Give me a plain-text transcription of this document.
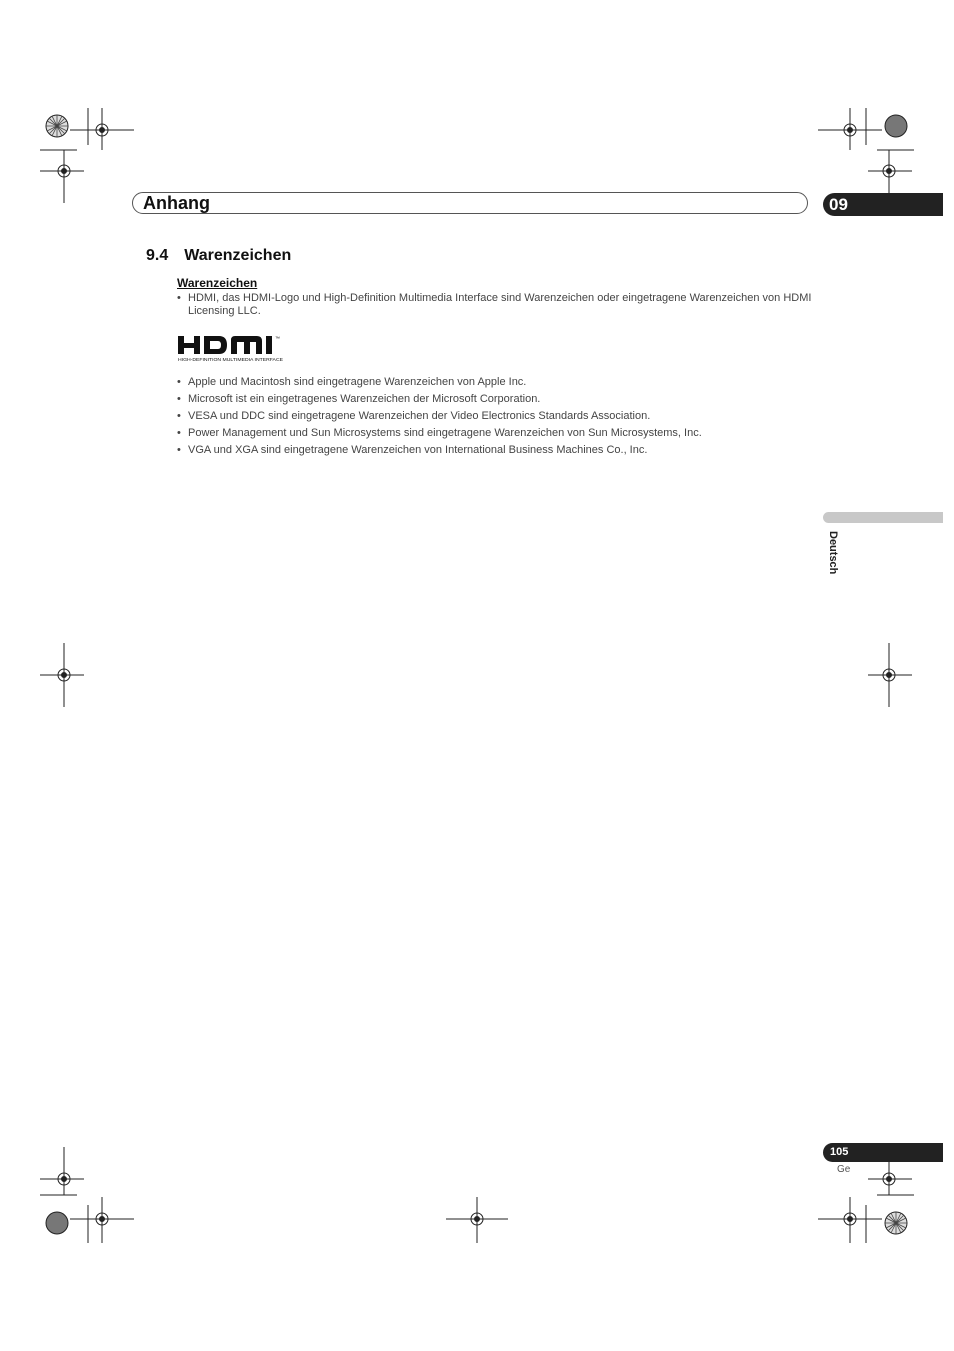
Anhang	09
9.4 Warenzeichen
Warenzeichen

• HDMI, das HDMI-Logo und High-Definition Multimedia Interface sind Warenzeichen oder eingetragene Warenzeichen von HDMI Licensing LLC.

™
HIGH-DEFINITION MULTIMEDIA INTERFACE

• Apple und Macintosh sind eingetragene Warenzeichen von Apple Inc.

• Microsoft ist ein eingetragenes Warenzeichen der Microsoft Corporation.

• VESA und DDC sind eingetragene Warenzeichen der Video Electronics Standards Association.

• Power Management und Sun Microsystems sind eingetragene Warenzeichen von Sun Microsystems, Inc.

• VGA und XGA sind eingetragene Warenzeichen von International Business Machines Co., Inc.

Deutsch
105
Ge
